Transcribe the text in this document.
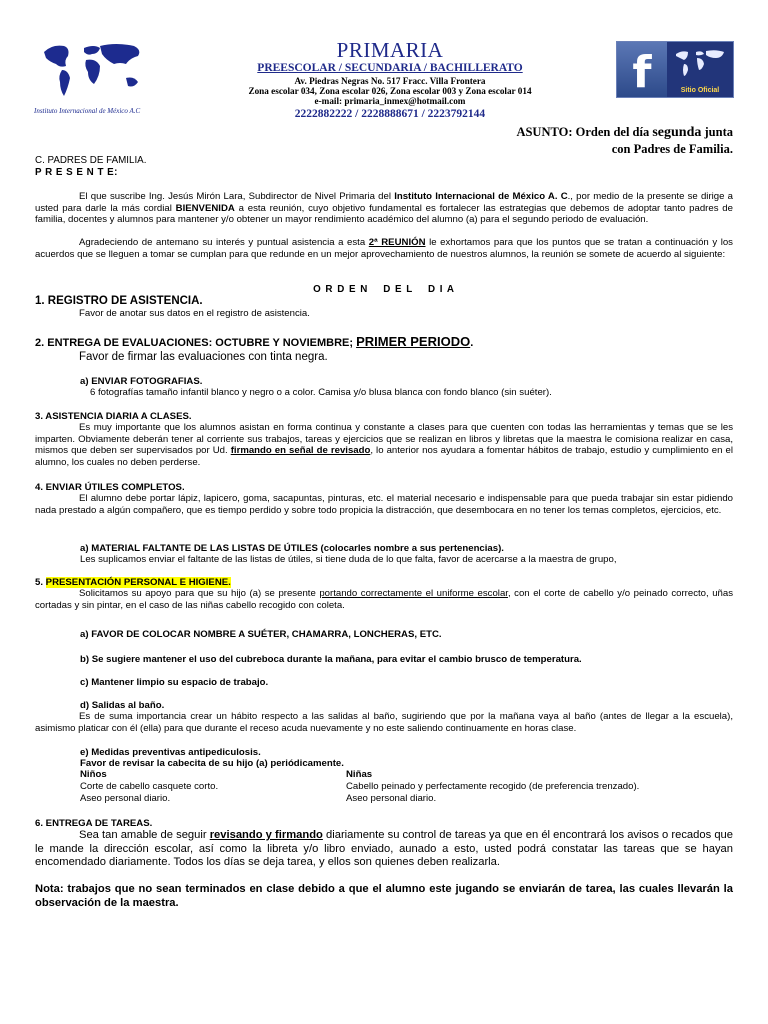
Instituto Internacional de México A.C
PRIMARIA
PREESCOLAR / SECUNDARIA / BACHILLERATO
Av. Piedras Negras No. 517 Fracc. Villa Frontera
Zona escolar 034, Zona escolar 026, Zona escolar 003 y Zona escolar 014
e-mail: primaria_inmex@hotmail.com
2222882222 / 2228888671 / 2223792144
f	Sitio Oficial
ASUNTO: Orden del día segunda junta
con Padres de Familia.
C. PADRES DE FAMILIA.
P R E S E N T E:
El que suscribe Ing. Jesús Mirón Lara, Subdirector de Nivel Primaria del Instituto Internacional de México A. C., por medio de la presente se dirige a usted para darle la más cordial BIENVENIDA a esta reunión, cuyo objetivo fundamental es fortalecer las estrategias que debemos de adoptar tanto padres de familia, docentes y alumnos para mantener y/o obtener un mayor rendimiento académico del alumno (a) para el segundo periodo de evaluación.
Agradeciendo de antemano su interés y puntual asistencia a esta 2ª REUNIÓN le exhortamos para que los puntos que se tratan a continuación y los acuerdos que se lleguen a tomar se cumplan para que redunde en un mejor aprovechamiento de nuestros alumnos, la reunión se somete de acuerdo al siguiente:
O R D E N    D E L    D I A
1. REGISTRO DE ASISTENCIA.
Favor de anotar sus datos en el registro de asistencia.
2. ENTREGA DE EVALUACIONES: OCTUBRE Y NOVIEMBRE; PRIMER PERIODO.
Favor de firmar las evaluaciones con tinta negra.
a) ENVIAR FOTOGRAFIAS.
6 fotografías tamaño infantil blanco y negro o a color. Camisa y/o blusa blanca con fondo blanco (sin suéter).
3. ASISTENCIA DIARIA A CLASES.
Es muy importante que los alumnos asistan en forma continua y constante a clases para que cuenten con todas las herramientas y temas que se les imparten. Obviamente deberán tener al corriente sus trabajos, tareas y ejercicios que se realizan en libros y libretas que la maestra le comisiona realizar en casa, mismos que deben ser supervisados por Ud. firmando en señal de revisado, lo anterior nos ayudara a fomentar hábitos de trabajo, estudio y cumplimiento en el alumno, los cuales no deben perderse.
4. ENVIAR ÚTILES COMPLETOS.
El alumno debe portar lápiz, lapicero, goma, sacapuntas, pinturas, etc. el material necesario e indispensable para que pueda trabajar sin estar pidiendo nada prestado a algún compañero, que es tiempo perdido y sobre todo propicia la distracción, que desembocara en no tener los temas completos, ejercicios, etc.
a) MATERIAL FALTANTE DE LAS LISTAS DE ÚTILES (colocarles nombre a sus pertenencias).
Les suplicamos enviar el faltante de las listas de útiles, si tiene duda de lo que falta, favor de acercarse a la maestra de grupo,
5. PRESENTACIÓN PERSONAL E HIGIENE.
Solicitamos su apoyo para que su hijo (a) se presente portando correctamente el uniforme escolar, con el corte de cabello y/o peinado correcto, uñas cortadas y sin pintar, en el caso de las niñas cabello recogido con coleta.
a) FAVOR DE COLOCAR NOMBRE A SUÉTER, CHAMARRA, LONCHERAS, ETC.
b) Se sugiere mantener el uso del cubreboca durante la mañana, para evitar el cambio brusco de temperatura.
c) Mantener limpio su espacio de trabajo.
d) Salidas al baño.
Es de suma importancia crear un hábito respecto a las salidas al baño, sugiriendo que por la mañana vaya al baño (antes de llegar a la escuela), asimismo platicar con él (ella) para que durante el receso acuda nuevamente y no este saliendo continuamente en horas clase.
e) Medidas preventivas antipediculosis.
Favor de revisar la cabecita de su hijo (a) periódicamente.
Niños
Corte de cabello casquete corto.
Aseo personal diario.
Niñas
Cabello peinado y perfectamente recogido (de preferencia trenzado).
Aseo personal diario.
6. ENTREGA DE TAREAS.
Sea tan amable de seguir revisando y firmando diariamente su control de tareas ya que en él encontrará los avisos o recados que le mande la dirección escolar, así como la libreta y/o libro enviado, aunado a esto, usted podrá constatar las tareas que se hayan encomendado diariamente. Todos los días se deja tarea, y ellos son quienes deben realizarla.
Nota: trabajos que no sean terminados en clase debido a que el alumno este jugando se enviarán de tarea, las cuales llevarán la observación de la maestra.
